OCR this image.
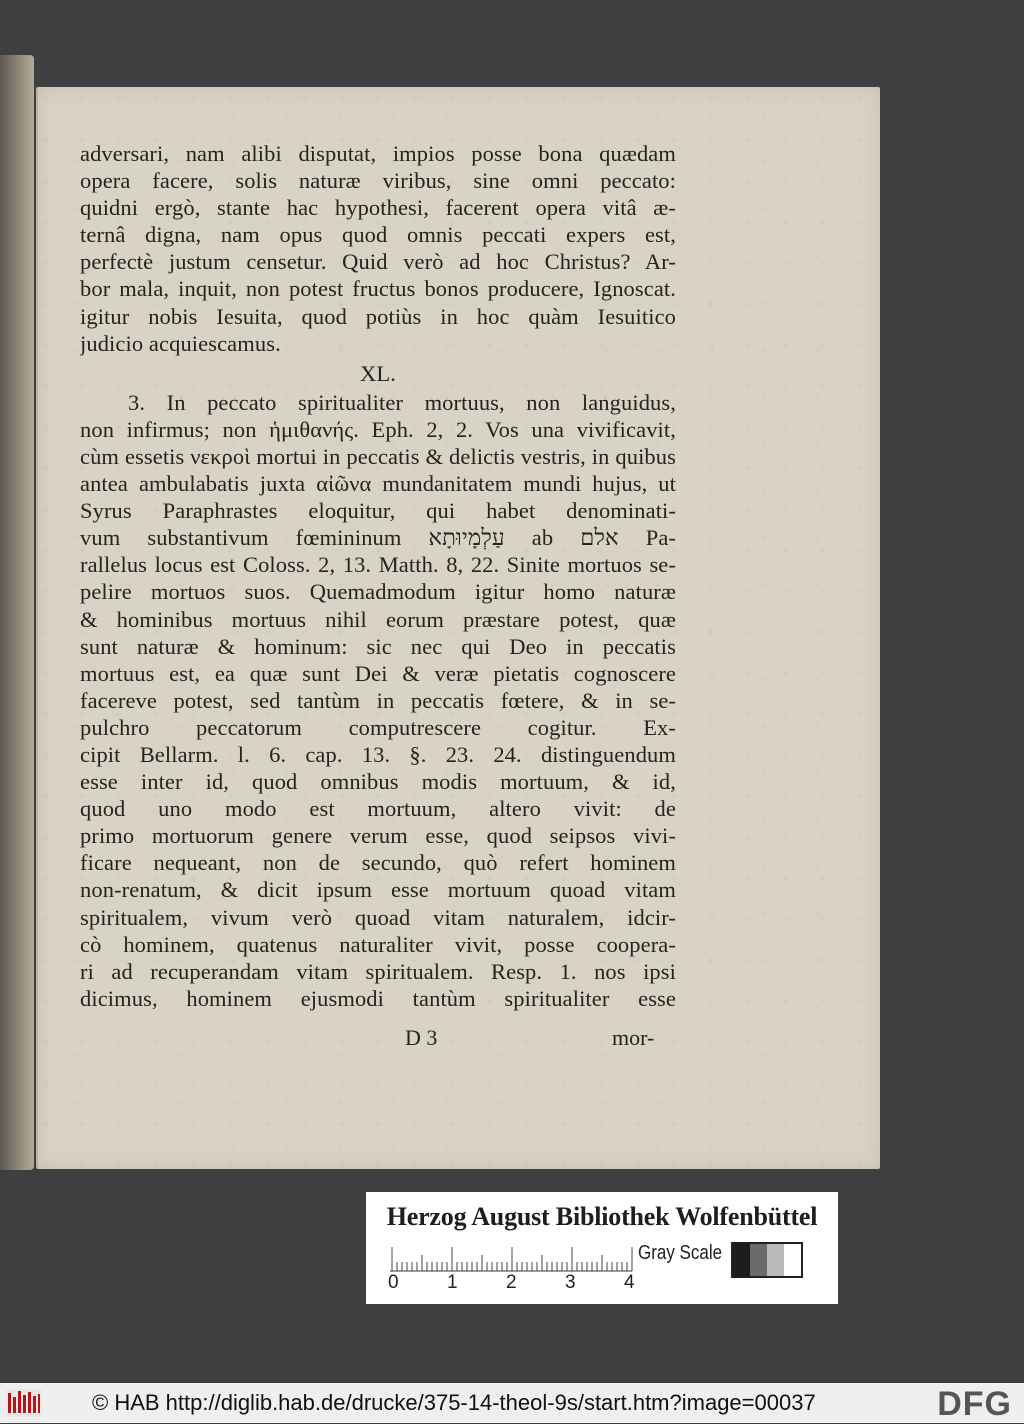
adversari, nam alibi disputat, impios posse bona quædam
opera facere, solis naturæ viribus, sine omni peccato:
quidni ergò, stante hac hypothesi, facerent opera vitâ æ-
ternâ digna, nam opus quod omnis peccati expers est,
perfectè justum censetur. Quid verò ad hoc Christus? Ar-
bor mala, inquit, non potest fructus bonos producere, Ignoscat.
igitur nobis Iesuita, quod potiùs in hoc quàm Iesuitico
judicio acquiescamus.
XL.
3. In peccato spiritualiter mortuus, non languidus,
non infirmus; non ἡμιθανής. Eph. 2, 2. Vos una vivificavit,
cùm essetis νεκροὶ mortui in peccatis & delictis vestris, in quibus
antea ambulabatis juxta αἰῶνα mundanitatem mundi hujus, ut
Syrus Paraphrastes eloquitur, qui habet denominati-
vum substantivum fœmininum עַלְמָיוּתָא ab אלם Pa-
rallelus locus est Coloss. 2, 13. Matth. 8, 22. Sinite mortuos se-
pelire mortuos suos. Quemadmodum igitur homo naturæ
& hominibus mortuus nihil eorum præstare potest, quæ
sunt naturæ & hominum: sic nec qui Deo in peccatis
mortuus est, ea quæ sunt Dei & veræ pietatis cognoscere
facereve potest, sed tantùm in peccatis fœtere, & in se-
pulchro peccatorum computrescere cogitur. Ex-
cipit Bellarm. l. 6. cap. 13. §. 23. 24. distinguendum
esse inter id, quod omnibus modis mortuum, & id,
quod uno modo est mortuum, altero vivit: de
primo mortuorum genere verum esse, quod seipsos vivi-
ficare nequeant, non de secundo, quò refert hominem
non-renatum, & dicit ipsum esse mortuum quoad vitam
spiritualem, vivum verò quoad vitam naturalem, idcir-
cò hominem, quatenus naturaliter vivit, posse coopera-
ri ad recuperandam vitam spiritualem. Resp. 1. nos ipsi
dicimus, hominem ejusmodi tantùm spiritualiter esse
D 3	mor-
Herzog August Bibliothek Wolfenbüttel
0	1	2	3	4
Gray Scale
© HAB http://diglib.hab.de/drucke/375-14-theol-9s/start.htm?image=00037	DFG
